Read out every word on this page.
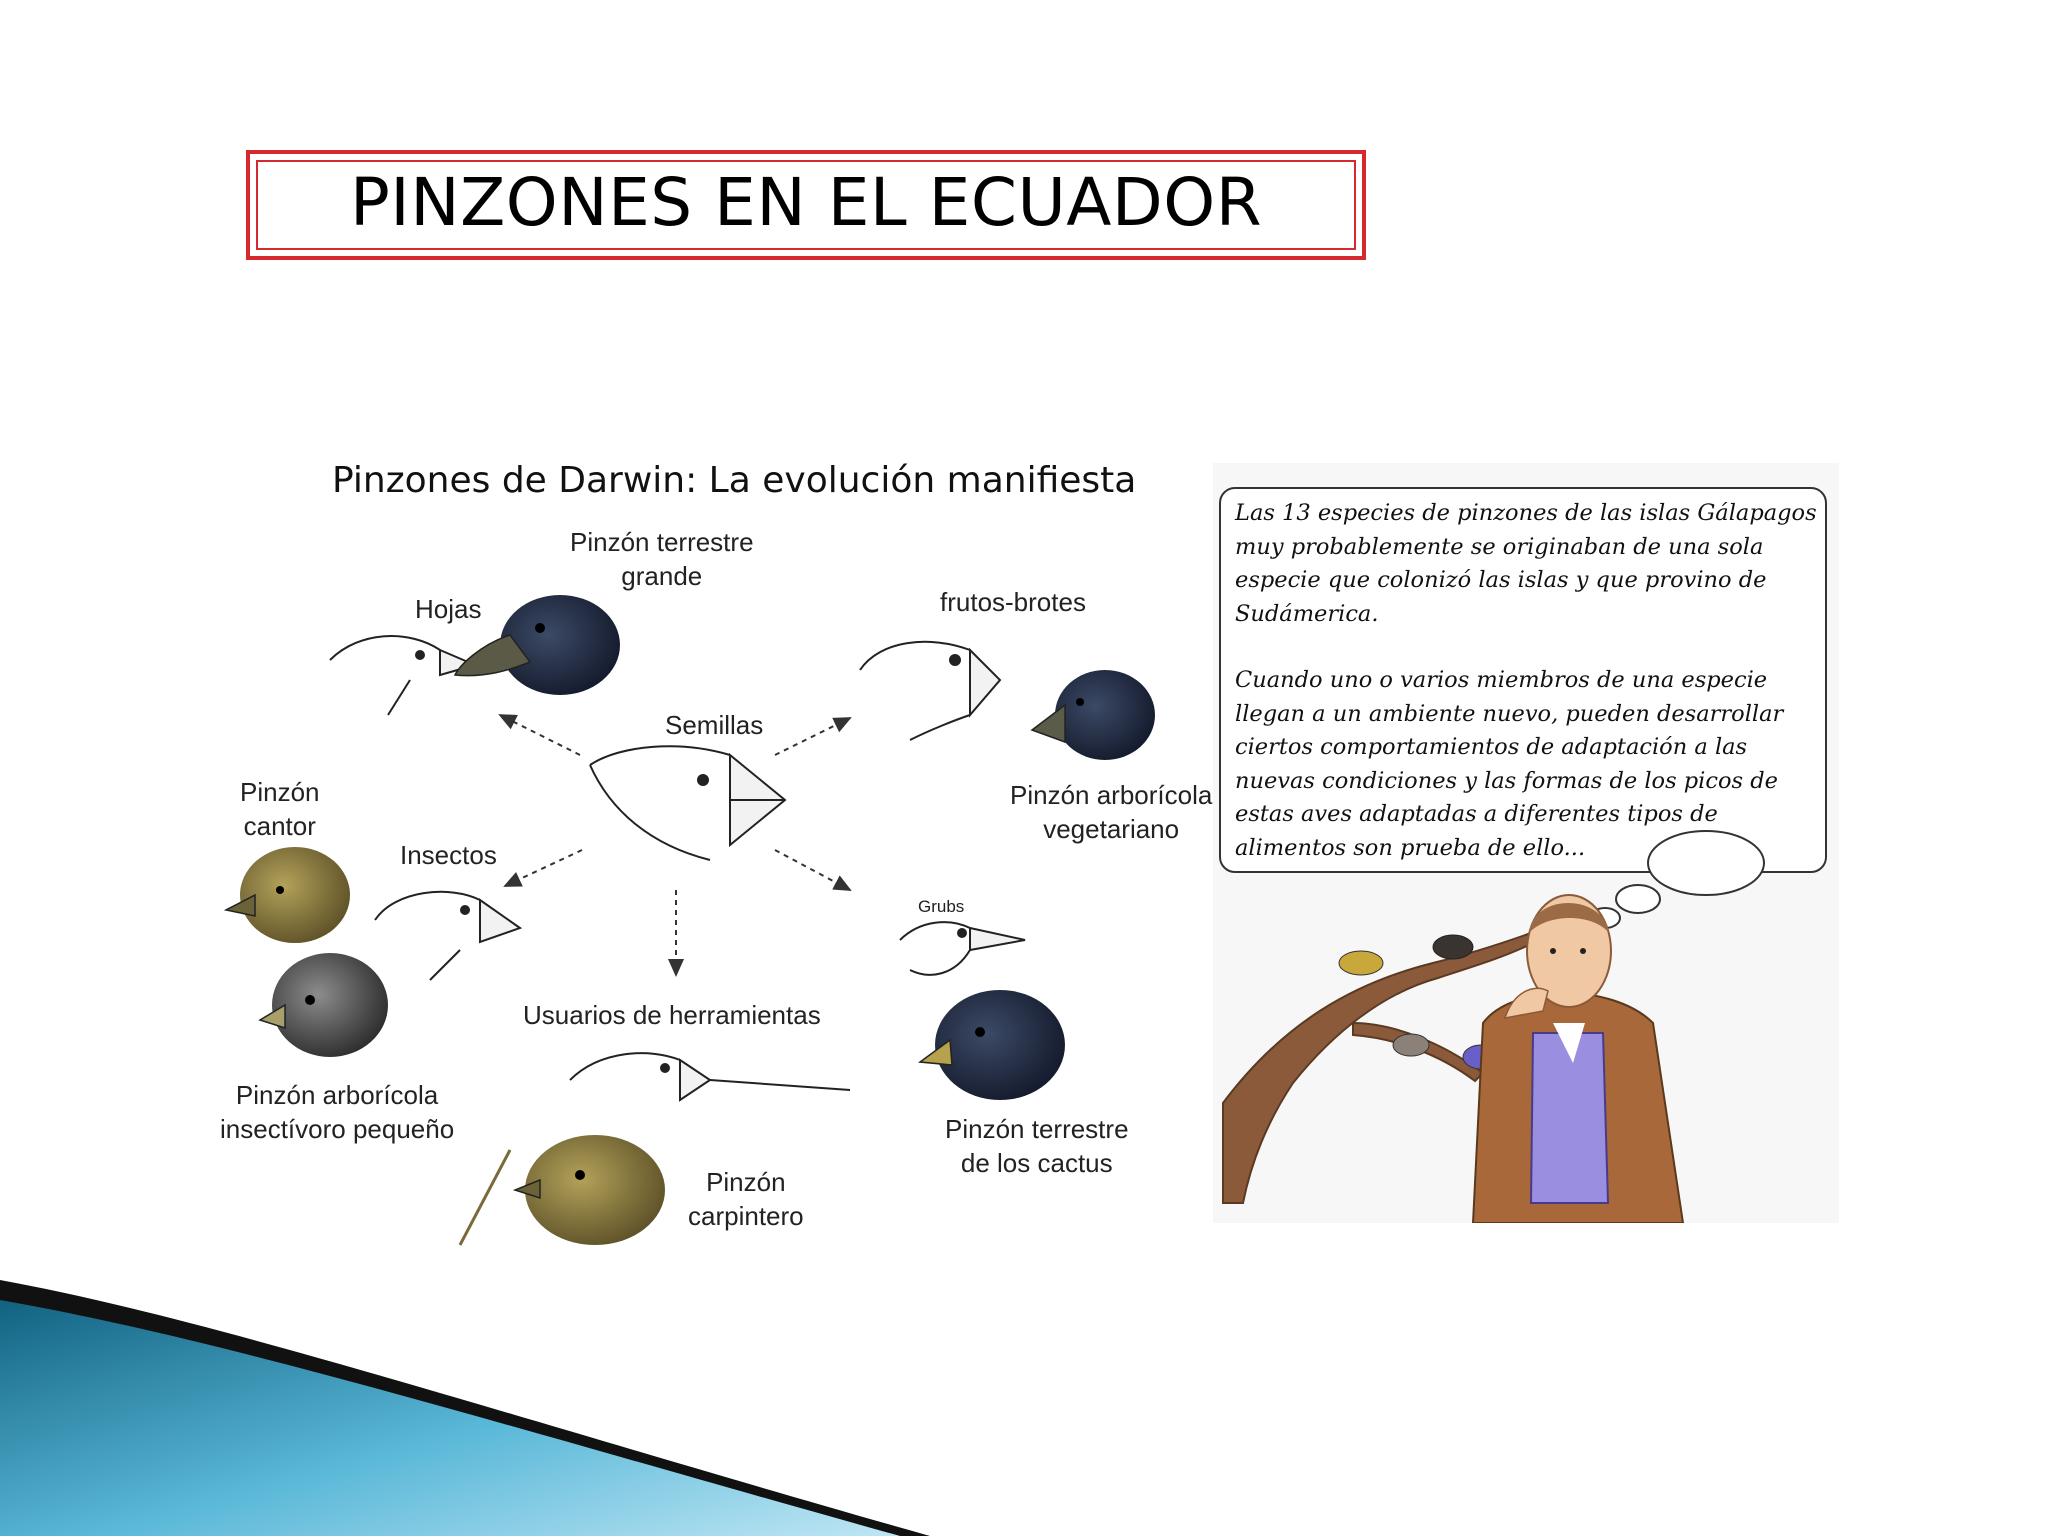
PINZONES EN EL ECUADOR
Pinzones de Darwin: La evolución manifiesta
Pinzón terrestre
grande
Hojas	frutos-brotes
Semillas
Pinzón
cantor
Insectos
Pinzón arborícola
vegetariano
Grubs
Usuarios de herramientas
Pinzón arborícola
insectívoro pequeño	Pinzón terrestre
de los cactus
Pinzón
carpintero

Las 13 especies de pinzones de las islas Gálapagos muy probablemente se originaban de una sola especie que colonizó las islas y que provino de Sudámerica.

Cuando uno o varios miembros de una especie llegan a un ambiente nuevo, pueden desarrollar ciertos comportamientos de adaptación a las nuevas condiciones y las formas de los picos de estas aves adaptadas a diferentes tipos de alimentos son prueba de ello...
